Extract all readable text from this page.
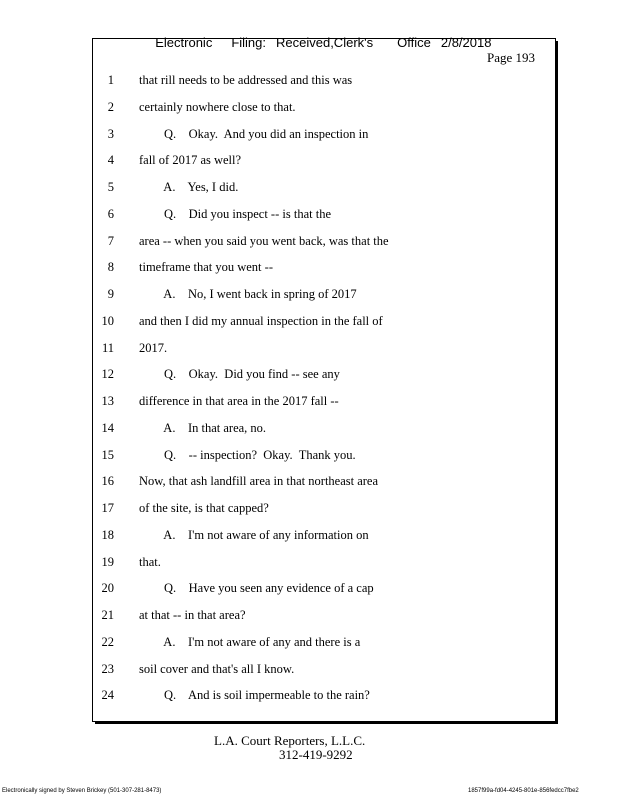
Electronic Filing: Received,Clerk's Office 2/8/2018

Page 193
1 that rill needs to be addressed and this was
2 certainly nowhere close to that.
3 Q.    Okay.  And you did an inspection in
4 fall of 2017 as well?
5 A.    Yes, I did.
6 Q.    Did you inspect -- is that the
7 area -- when you said you went back, was that the
8 timeframe that you went --
9 A.    No, I went back in spring of 2017
10 and then I did my annual inspection in the fall of
11 2017.
12 Q.    Okay.  Did you find -- see any
13 difference in that area in the 2017 fall --
14 A.    In that area, no.
15 Q.    -- inspection?  Okay.  Thank you.
16 Now, that ash landfill area in that northeast area
17 of the site, is that capped?
18 A.    I'm not aware of any information on
19 that.
20 Q.    Have you seen any evidence of a cap
21 at that -- in that area?
22 A.    I'm not aware of any and there is a
23 soil cover and that's all I know.
24 Q.    And is soil impermeable to the rain?
L.A. Court Reporters, L.L.C.
312-419-9292
Electronically signed by Steven Brickey (501-307-281-8473)	1857f99a-fd04-4245-801e-856fedcc7fbe2
